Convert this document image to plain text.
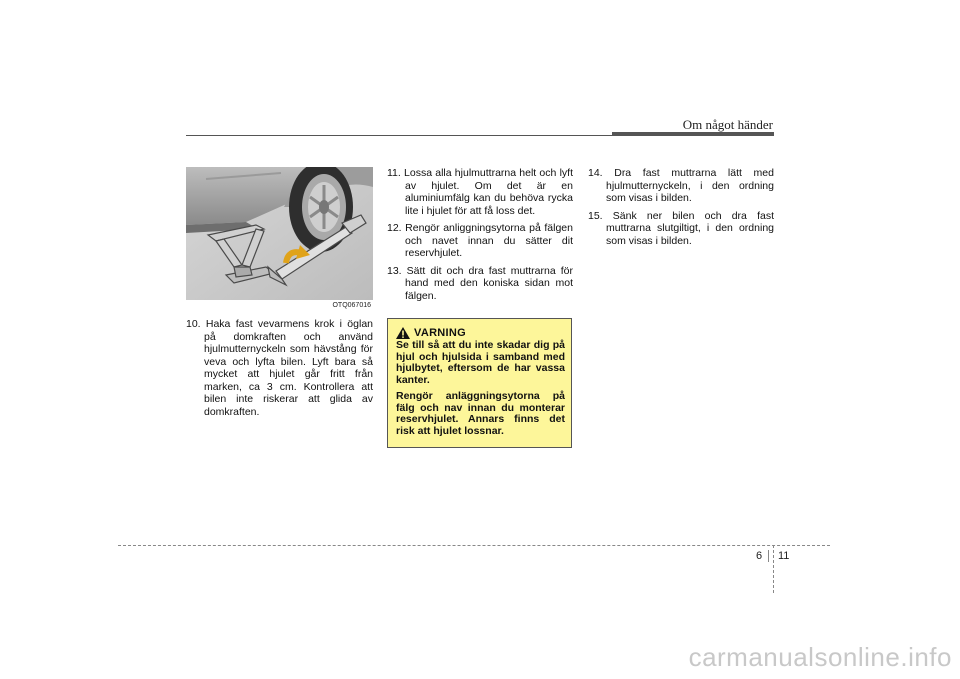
Om något händer
OTQ067016

10. Haka fast vevarmens krok i öglan på domkraften och använd hjulmutternyckeln som hävstång för veva och lyfta bilen. Lyft bara så mycket att hjulet går fritt från marken, ca 3 cm. Kontrollera att bilen inte riskerar att glida av domkraften.

11. Lossa alla hjulmuttrarna helt och lyft av hjulet. Om det är en aluminiumfälg kan du behöva rycka lite i hjulet för att få loss det.

12. Rengör anliggningsytorna på fälgen och navet innan du sätter dit reservhjulet.

13. Sätt dit och dra fast muttrarna för hand med den koniska sidan mot fälgen.

VARNING

Se till så att du inte skadar dig på hjul och hjulsida i samband med hjulbytet, eftersom de har vassa kanter.

Rengör anläggningsytorna på fälg och nav innan du monterar reservhjulet. Annars finns det risk att hjulet lossnar.

14. Dra fast muttrarna lätt med hjulmutternyckeln, i den ordning som visas i bilden.

15. Sänk ner bilen och dra fast muttrarna slutgiltigt, i den ordning som visas i bilden.

6 11
carmanualsonline.info
